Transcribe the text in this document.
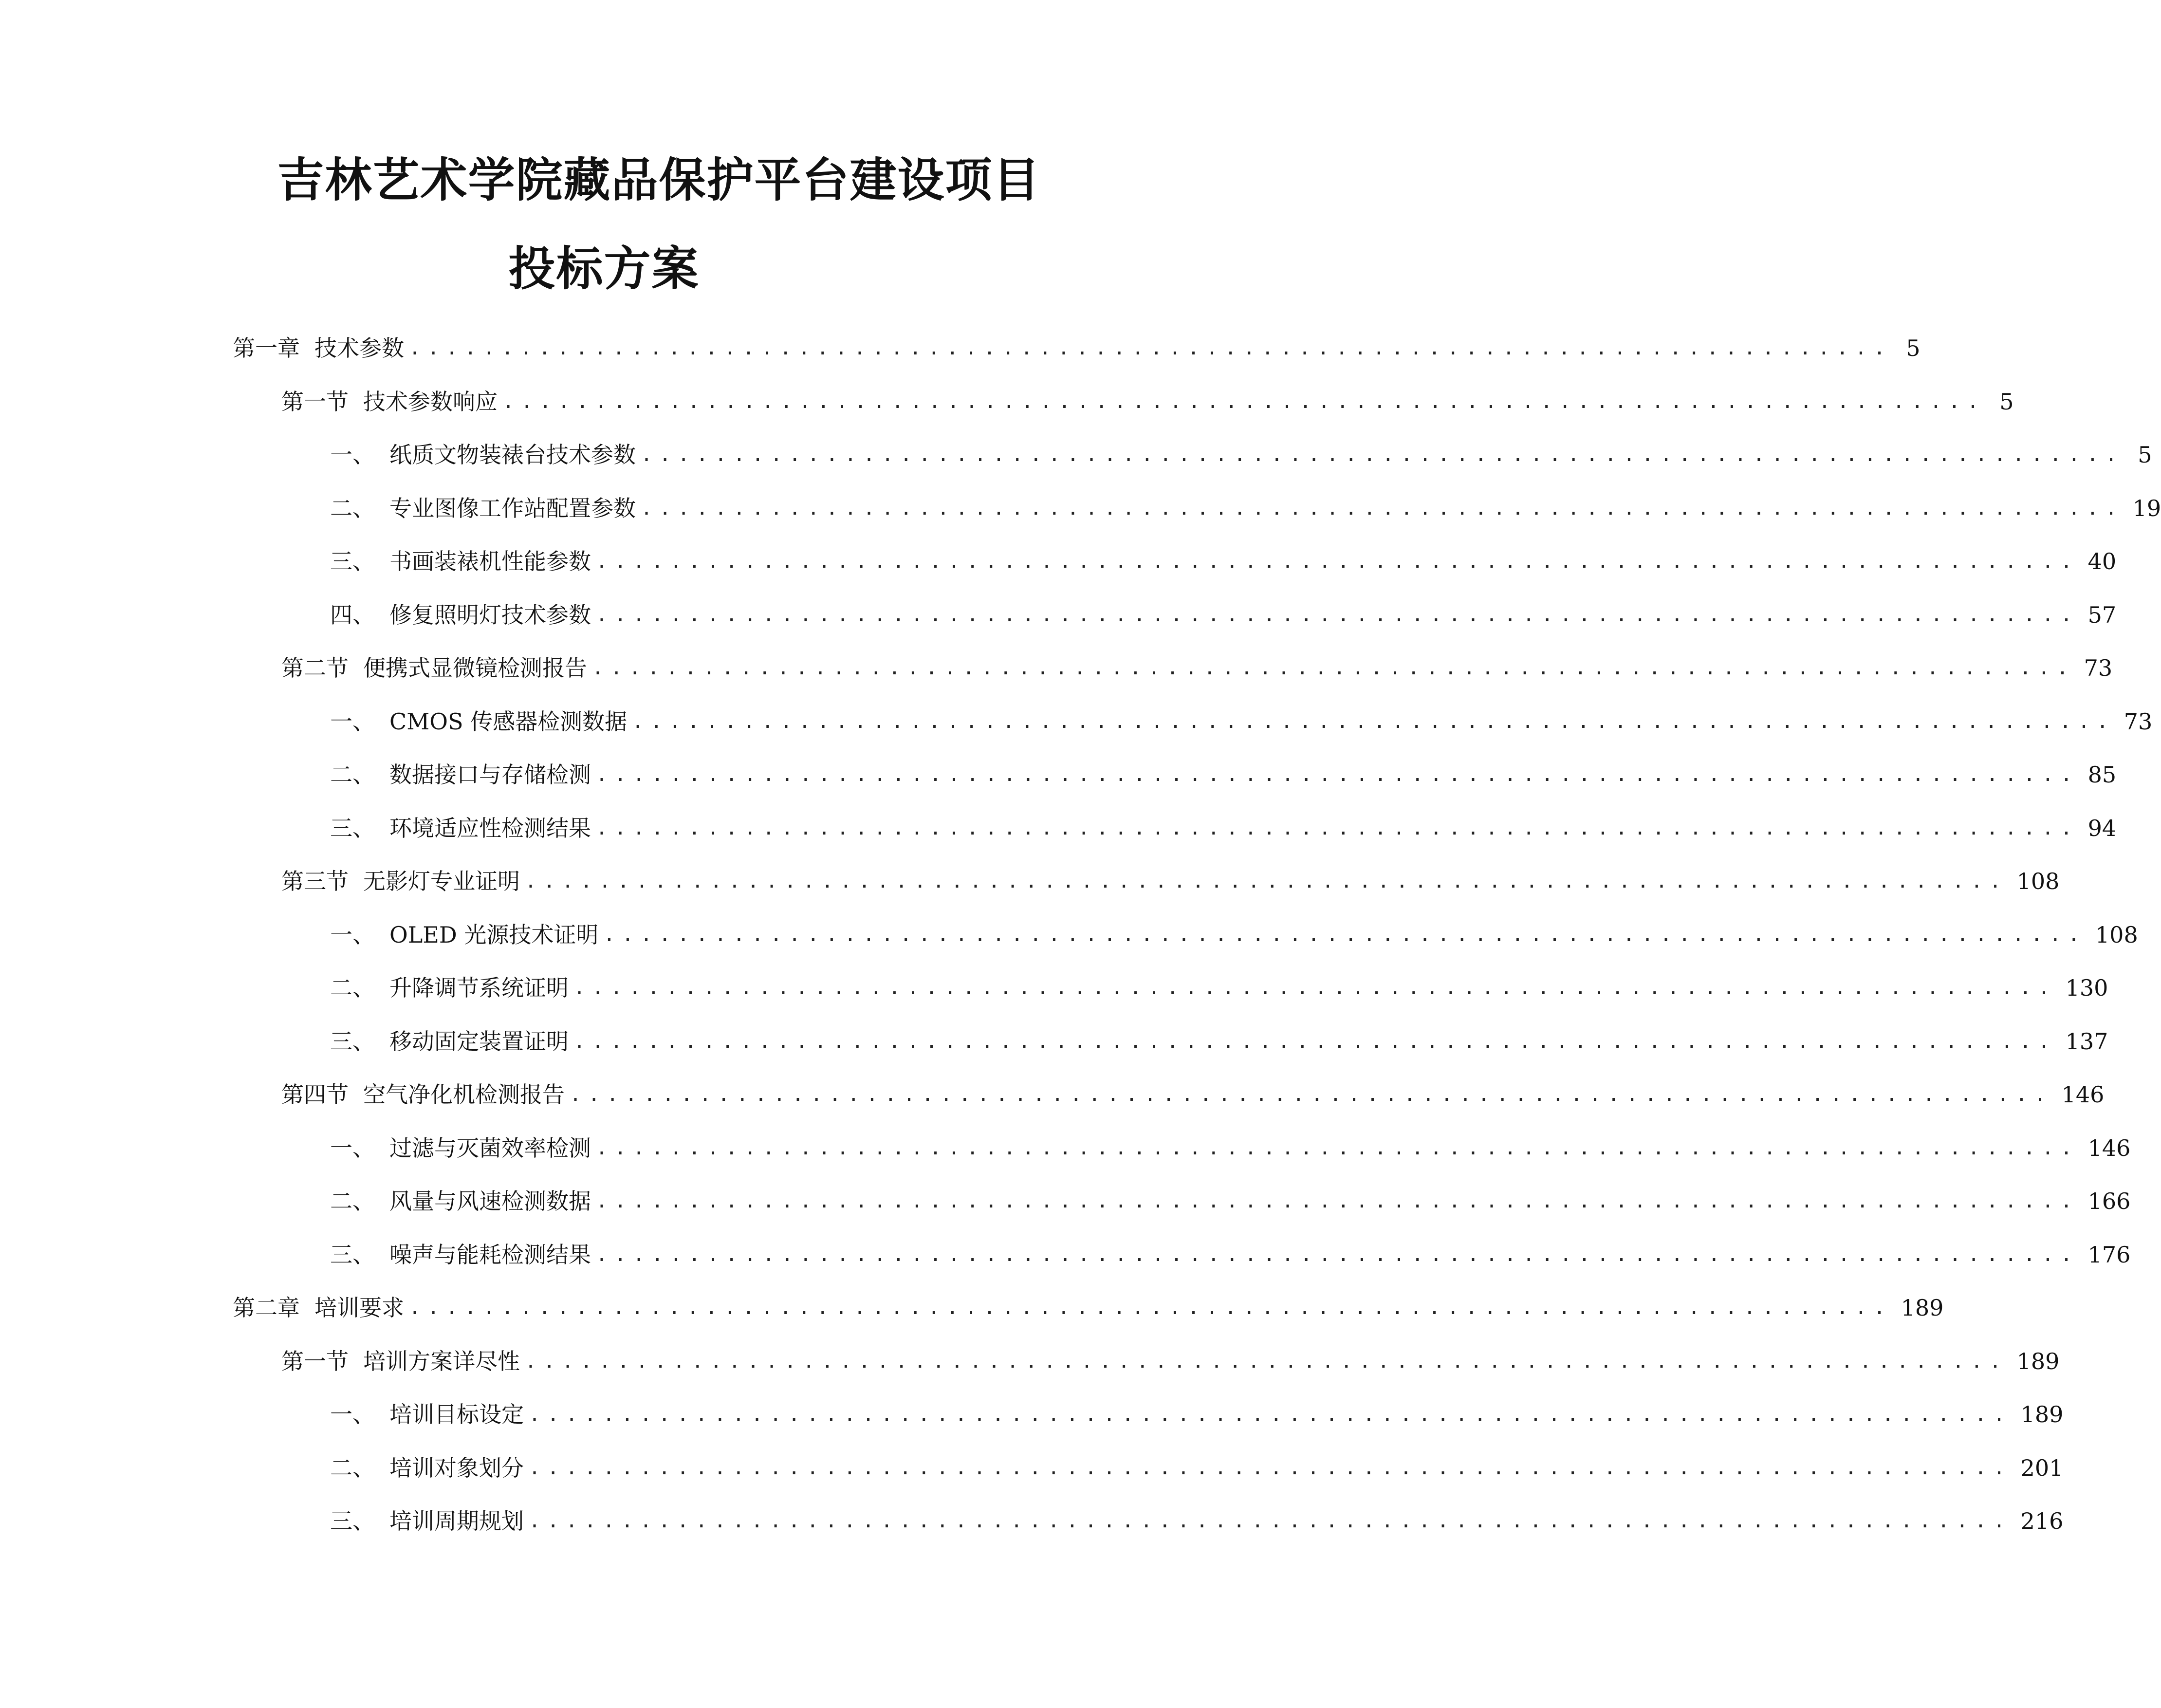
吉林艺术学院藏品保护平台建设项目
投标方案
第一章 技术参数 ................................................................................ 5
第一节 技术参数响应 ................................................................................ 5
一、 纸质文物装裱台技术参数 ................................................................................ 5
二、 专业图像工作站配置参数 ................................................................................ 19
三、 书画装裱机性能参数 ................................................................................ 40
四、 修复照明灯技术参数 ................................................................................ 57
第二节 便携式显微镜检测报告 ................................................................................ 73
一、 CMOS 传感器检测数据 ................................................................................ 73
二、 数据接口与存储检测 ................................................................................ 85
三、 环境适应性检测结果 ................................................................................ 94
第三节 无影灯专业证明 ................................................................................ 108
一、 OLED 光源技术证明 ................................................................................ 108
二、 升降调节系统证明 ................................................................................ 130
三、 移动固定装置证明 ................................................................................ 137
第四节 空气净化机检测报告 ................................................................................ 146
一、 过滤与灭菌效率检测 ................................................................................ 146
二、 风量与风速检测数据 ................................................................................ 166
三、 噪声与能耗检测结果 ................................................................................ 176
第二章 培训要求 ................................................................................ 189
第一节 培训方案详尽性 ................................................................................ 189
一、 培训目标设定 ................................................................................ 189
二、 培训对象划分 ................................................................................ 201
三、 培训周期规划 ................................................................................ 216
